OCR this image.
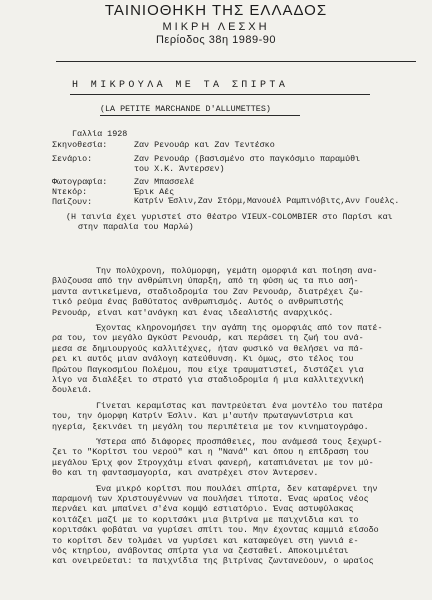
ΤΑΙΝΙΟΘΗΚΗ ΤΗΣ ΕΛΛΑΔΟΣ
ΜΙΚΡΗ ΛΕΣΧΗ
Περίοδος 38η 1989-90
Η ΜΙΚΡΟΥΛΑ ΜΕ ΤΑ ΣΠΙΡΤΑ
(LA PETITE MARCHANDE D'ALLUMETTES)
Γαλλία 1928
Σκηνοθεσία:	Ζαν Ρενουάρ και Ζαν Τεντέσκο
Σενάριο:	Ζαν Ρενουάρ (βασισμένο στο παγκόσμιο παραμύθι
του Χ.Κ. Άντερσεν)
Φωτογραφία:	Ζαν Μπασσελέ
Ντεκόρ:	Έρικ Αές
Παίζουν:	Κατρίν Έσλιν,Ζαν Στόρμ,Μανουέλ Ραμπινόβιτς,Ανν Γουέλς.
(Η ταινία έχει γυριστεί στο θέατρο VIEUX-COLOMBIER στο Παρίσι και
στην παραλία του Μαρλώ)
Την πολύχρονη, πολύμορφη, γεμάτη ομορφιά και ποίηση ανα-
βλύζουσα από την ανθρώπινη ύπαρξη, από τη φύση ως τα πιο ασή-
μαντα αντικείμενα, σταδιοδρομία του Ζαν Ρενουάρ, διατρέχει ζω-
τικό ρεύμα ένας βαθύτατος ανθρωπισμός. Αυτός ο ανθρωπιστής
Ρενουάρ, είναι κατ'ανάγκη και ένας ιδεαλιστής αναρχικός.
Έχοντας κληρονομήσει την αγάπη της ομορφιάς από τον πατέ-
ρα του, τον μεγάλο Ωγκύστ Ρενουάρ, και περάσει τη ζωή του ανά-
μεσα σε δημιουργούς καλλιτέχνες, ήταν φυσικό να θελήσει να πά-
ρει κι αυτός μιαν ανάλογη κατεύθυνση. Κι όμως, στο τέλος του
Πρώτου Παγκοσμίου Πολέμου, που είχε τραυματιστεί, διστάζει για
λίγο να διαλέξει το στρατό για σταδιοδρομία ή μια καλλιτεχνική
δουλειά.
Γίνεται κεραμίστας και παντρεύεται ένα μοντέλο του πατέρα
του, την όμορφη Κατρίν Έσλιν. Και μ'αυτήν πρωταγωνίστρια και
ηγερία, ξεκινάει τη μεγάλη του περιπέτεια με τον κινηματογράφο.
Ύστερα από διάφορες προσπάθειες, που ανάμεσά τους ξεχωρί-
ζει το "Κορίτσι του νερού" και η "Νανά" και όπου η επίδραση του
μεγάλου Έριχ φον Στρογχάιμ είναι φανερή, καταπιάνεται με τον μύ-
θο και τη φαντασμαγορία, και ανατρέχει στον Άντερσεν.
Ένα μικρό κορίτσι που πουλάει σπίρτα, δεν καταφέρνει την
παραμονή των Χριστουγέννων να πουλήσει τίποτα. Ένας ωραίος νέος
περνάει και μπαίνει σ'ένα κομψό εστιατόριο. Ένας αστυφύλακας
κοιτάζει μαζί με το κοριτσάκι μια βιτρίνα με παιχνίδια και το
κοριτσάκι φοβάται να γυρίσει σπίτι του. Μην έχοντας καμμιά είσοδο
το κορίτσι δεν τολμάει να γυρίσει και καταφεύγει στη γωνιά ε-
νός κτηρίου, ανάβοντας σπίρτα για να ζεσταθεί. Αποκοιμιέται
και ονειρεύεται: τα παιχνίδια της βιτρίνας ζωντανεύουν, ο ωραίος
